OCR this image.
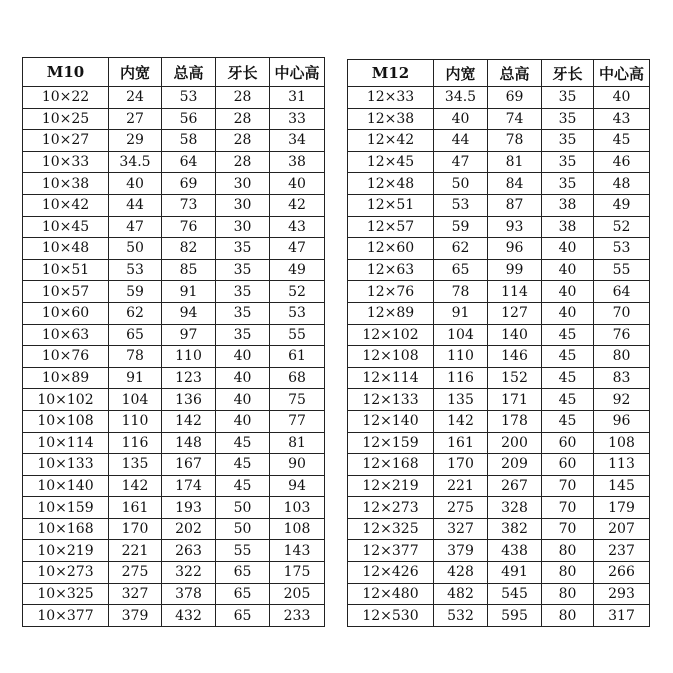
M10	内宽	总高	牙长	中心高
10×22	24	53	28	31
10×25	27	56	28	33
10×27	29	58	28	34
10×33	34.5	64	28	38
10×38	40	69	30	40
10×42	44	73	30	42
10×45	47	76	30	43
10×48	50	82	35	47
10×51	53	85	35	49
10×57	59	91	35	52
10×60	62	94	35	53
10×63	65	97	35	55
10×76	78	110	40	61
10×89	91	123	40	68
10×102	104	136	40	75
10×108	110	142	40	77
10×114	116	148	45	81
10×133	135	167	45	90
10×140	142	174	45	94
10×159	161	193	50	103
10×168	170	202	50	108
10×219	221	263	55	143
10×273	275	322	65	175
10×325	327	378	65	205
10×377	379	432	65	233
M12	内宽	总高	牙长	中心高
12×33	34.5	69	35	40
12×38	40	74	35	43
12×42	44	78	35	45
12×45	47	81	35	46
12×48	50	84	35	48
12×51	53	87	38	49
12×57	59	93	38	52
12×60	62	96	40	53
12×63	65	99	40	55
12×76	78	114	40	64
12×89	91	127	40	70
12×102	104	140	45	76
12×108	110	146	45	80
12×114	116	152	45	83
12×133	135	171	45	92
12×140	142	178	45	96
12×159	161	200	60	108
12×168	170	209	60	113
12×219	221	267	70	145
12×273	275	328	70	179
12×325	327	382	70	207
12×377	379	438	80	237
12×426	428	491	80	266
12×480	482	545	80	293
12×530	532	595	80	317
